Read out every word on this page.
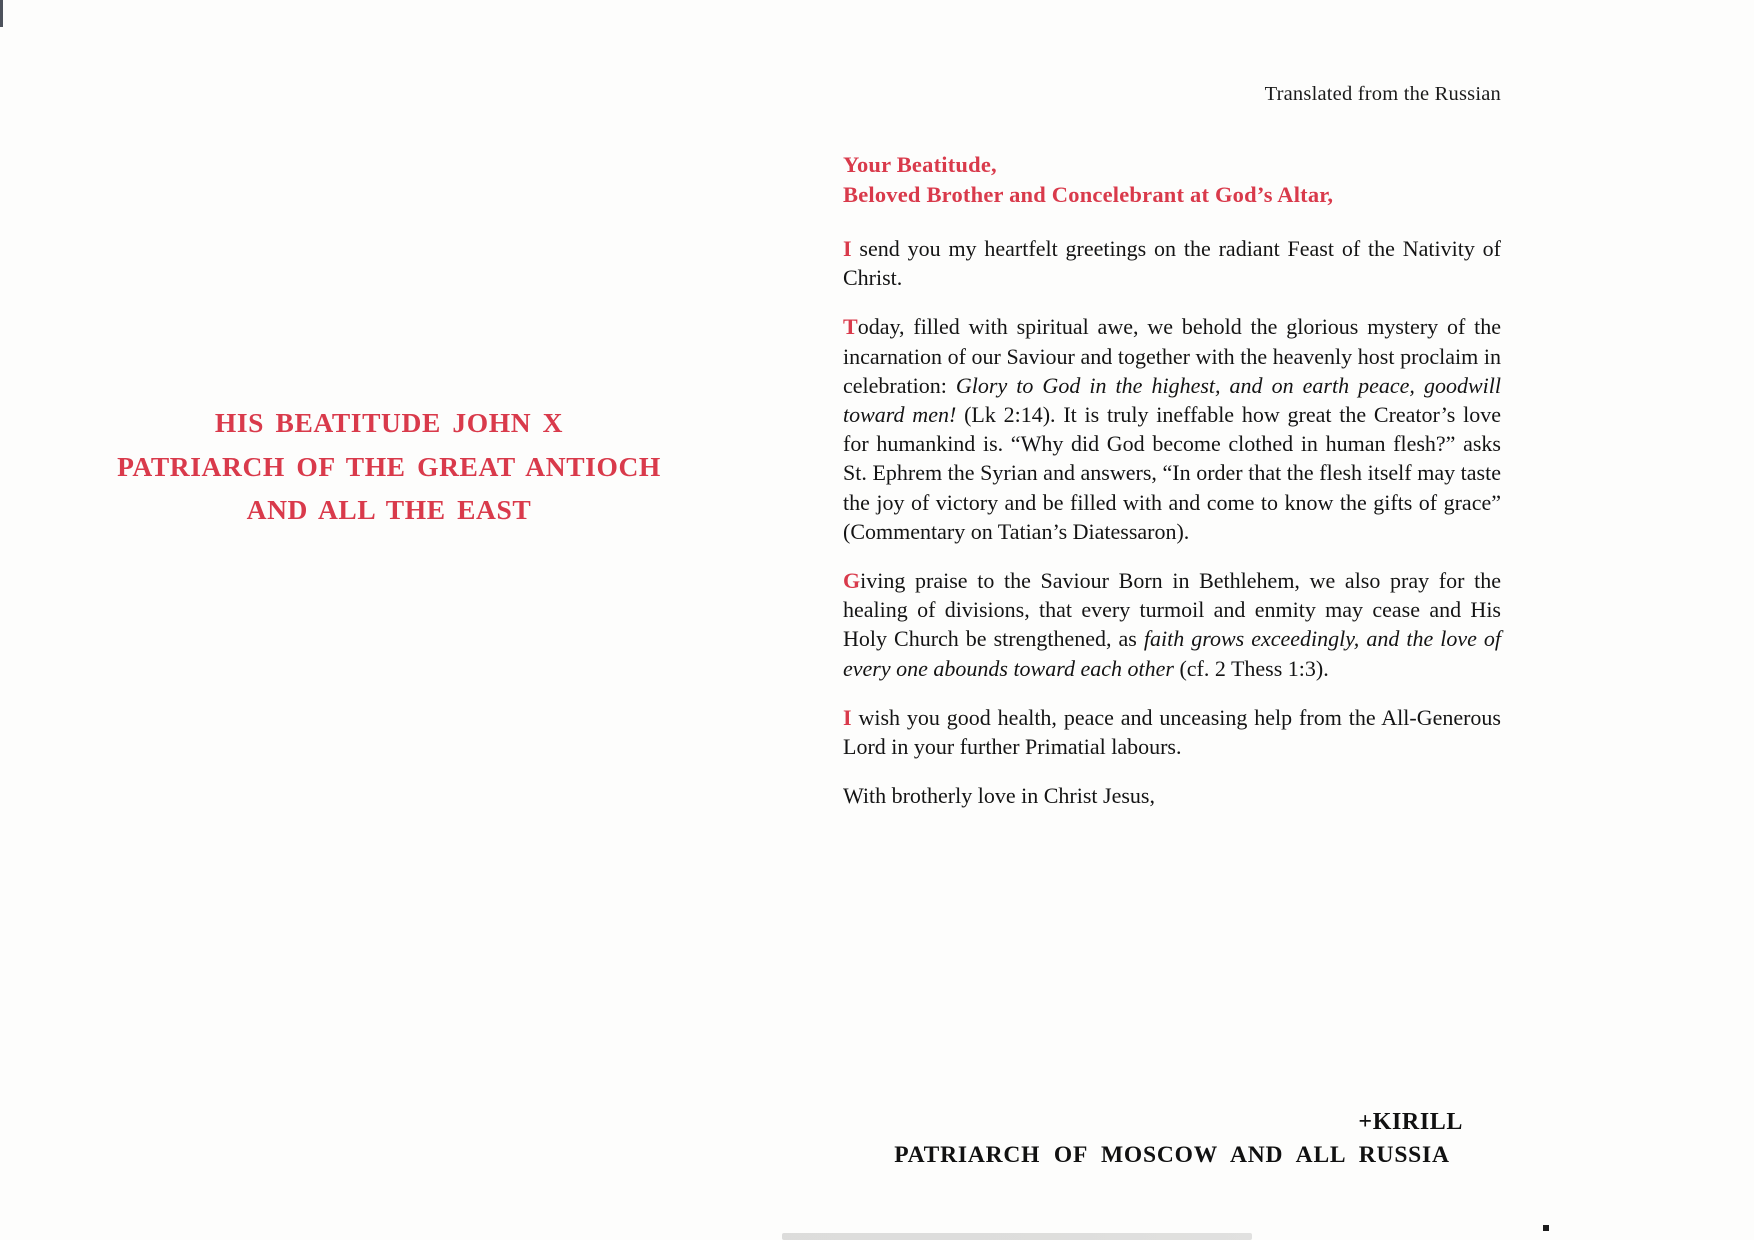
Translated from the Russian
HIS BEATITUDE JOHN X
PATRIARCH OF THE GREAT ANTIOCH
AND ALL THE EAST
Your Beatitude,
Beloved Brother and Concelebrant at God’s Altar,

I send you my heartfelt greetings on the radiant Feast of the Nativity of Christ.

Today, filled with spiritual awe, we behold the glorious mystery of the incarnation of our Saviour and together with the heavenly host proclaim in celebration: Glory to God in the highest, and on earth peace, goodwill toward men! (Lk 2:14). It is truly ineffable how great the Creator’s love for humankind is. “Why did God become clothed in human flesh?” asks St. Ephrem the Syrian and answers, “In order that the flesh itself may taste the joy of victory and be filled with and come to know the gifts of grace” (Commentary on Tatian’s Diatessaron).

Giving praise to the Saviour Born in Bethlehem, we also pray for the healing of divisions, that every turmoil and enmity may cease and His Holy Church be strengthened, as faith grows exceedingly, and the love of every one abounds toward each other (cf. 2 Thess 1:3).

I wish you good health, peace and unceasing help from the All-Generous Lord in your further Primatial labours.

With brotherly love in Christ Jesus,

+KIRILL
PATRIARCH OF MOSCOW AND ALL RUSSIA
